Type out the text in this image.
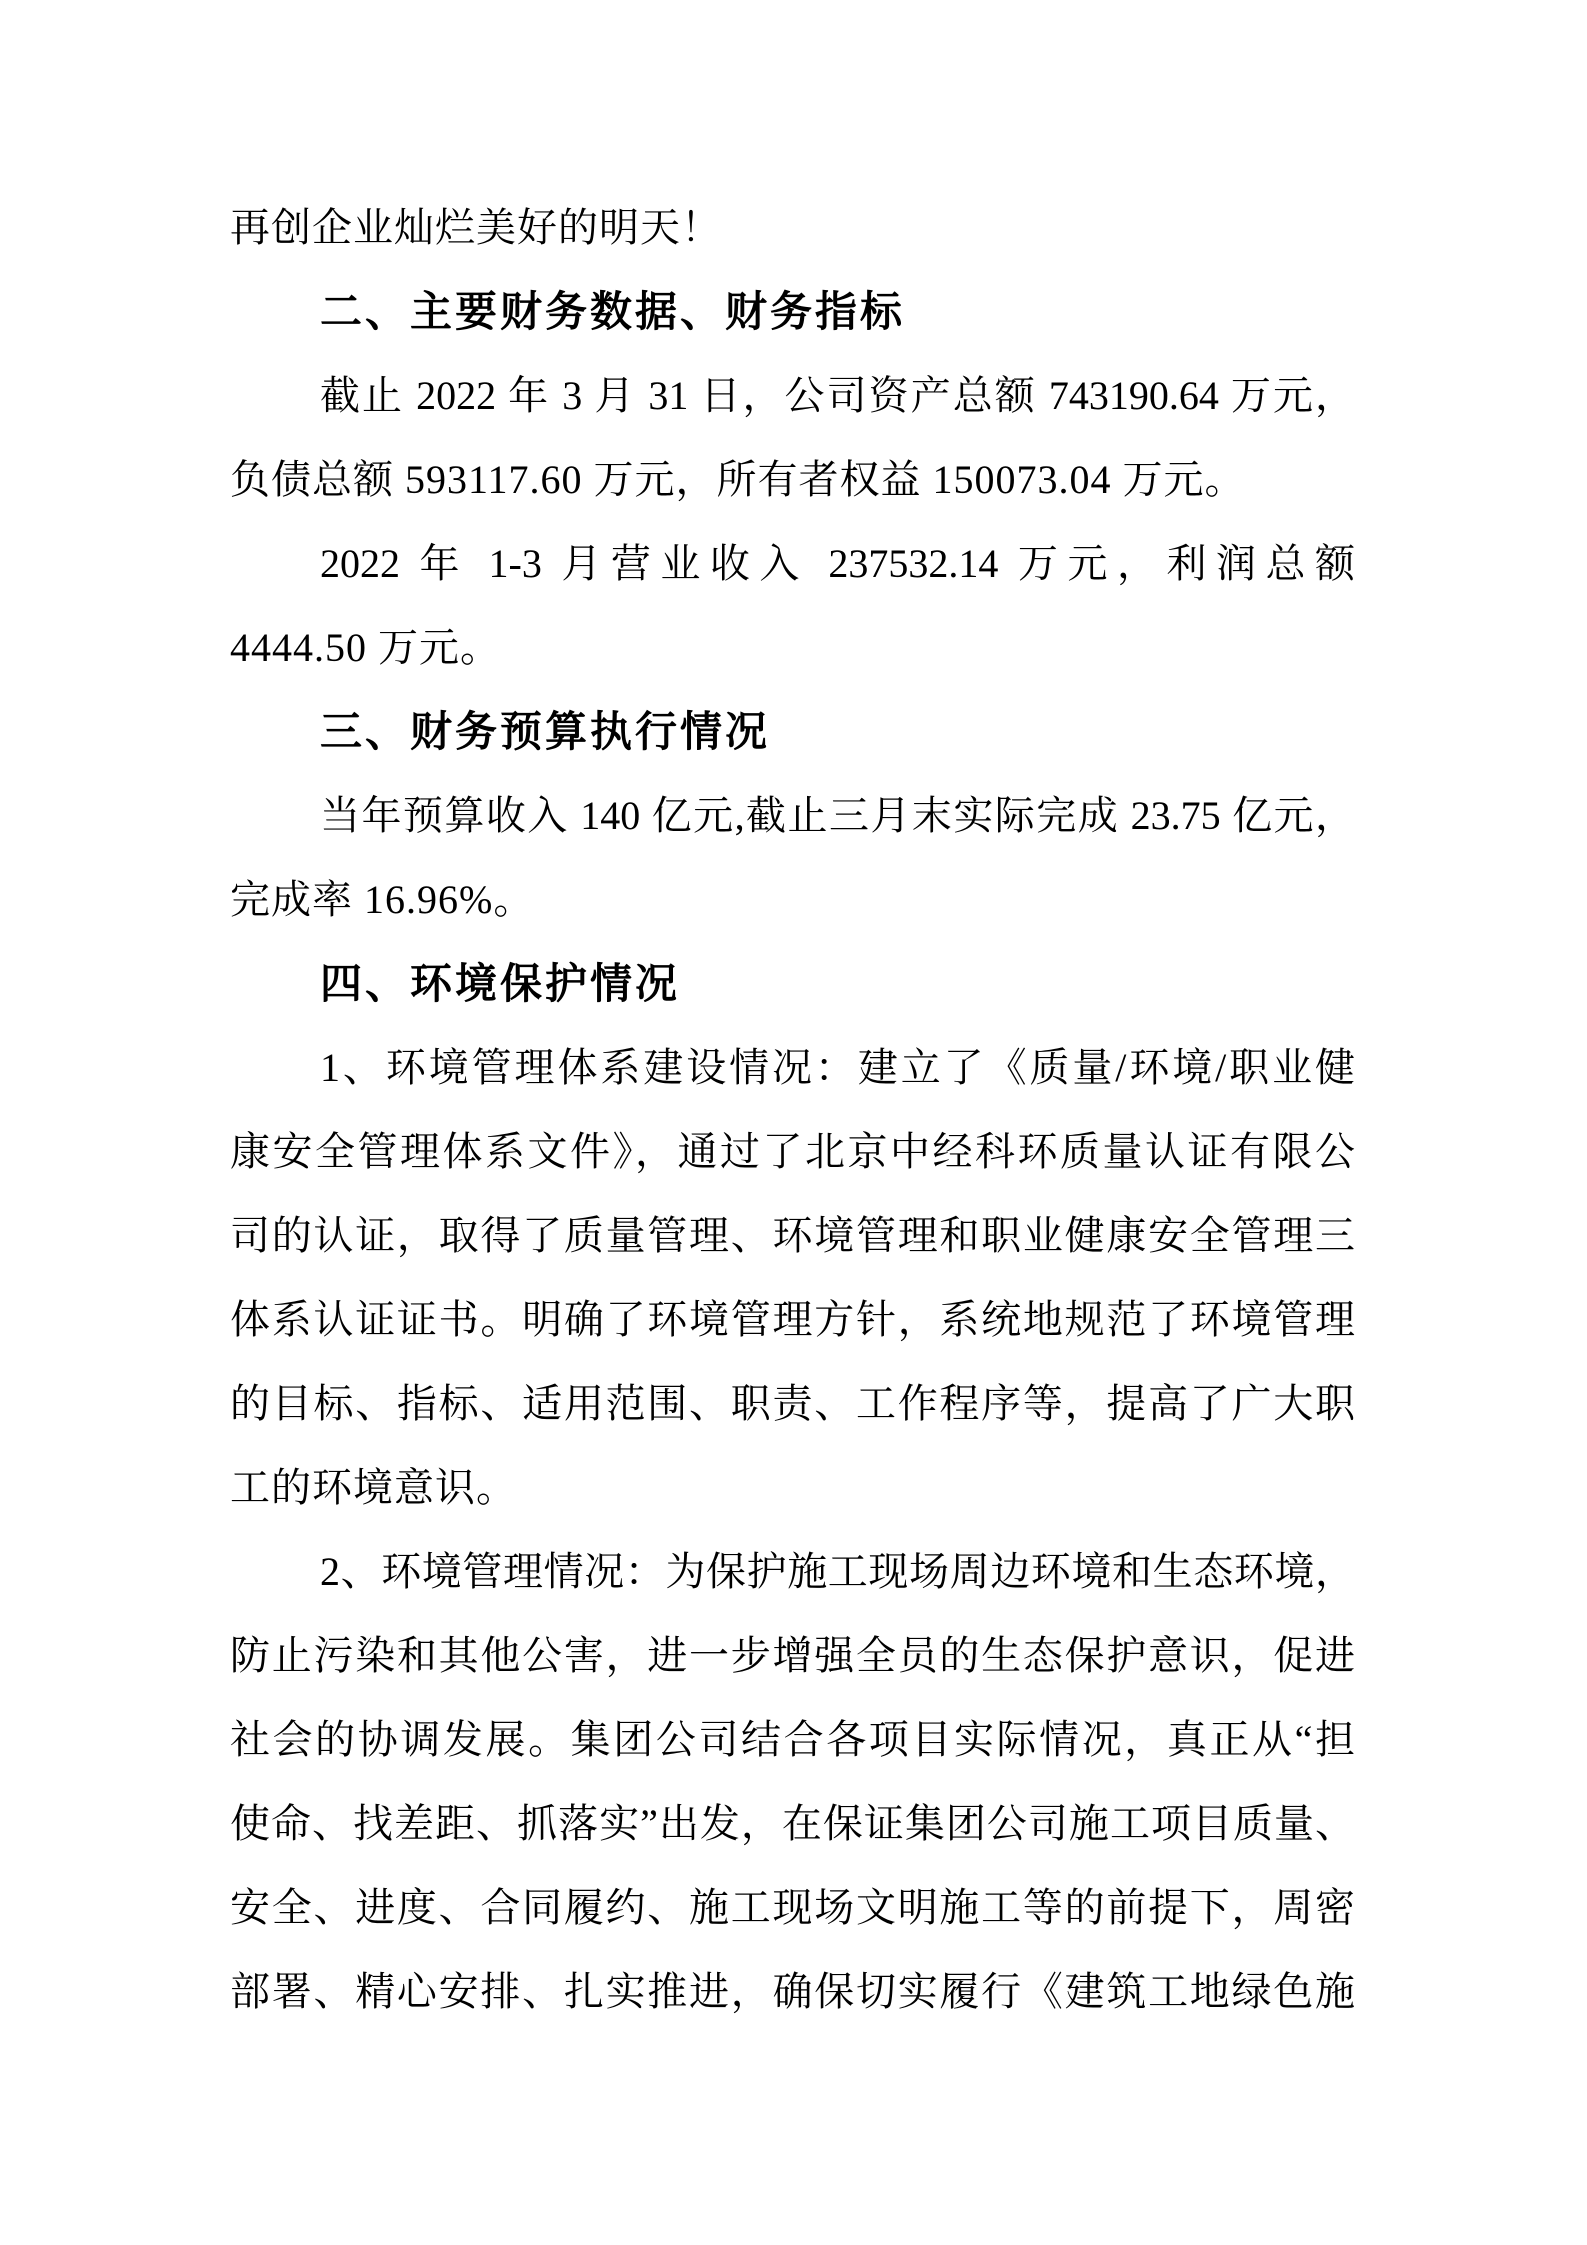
再创企业灿烂美好的明天！
二、主要财务数据、财务指标
截止 2022 年 3 月 31 日，公司资产总额 743190.64 万元，
负债总额 593117.60 万元，所有者权益 150073.04 万元。
2022 年 1-3 月营业收入 237532.14 万元，利润总额
4444.50 万元。
三、财务预算执行情况
当年预算收入 140 亿元,截止三月末实际完成 23.75 亿元，
完成率 16.96%。
四、环境保护情况
1、环境管理体系建设情况：建立了《质量/环境/职业健
康安全管理体系文件》，通过了北京中经科环质量认证有限公
司的认证，取得了质量管理、环境管理和职业健康安全管理三
体系认证证书。明确了环境管理方针，系统地规范了环境管理
的目标、指标、适用范围、职责、工作程序等，提高了广大职
工的环境意识。
2、环境管理情况：为保护施工现场周边环境和生态环境，
防止污染和其他公害，进一步增强全员的生态保护意识，促进
社会的协调发展。集团公司结合各项目实际情况，真正从“担
使命、找差距、抓落实”出发，在保证集团公司施工项目质量、
安全、进度、合同履约、施工现场文明施工等的前提下，周密
部署、精心安排、扎实推进，确保切实履行《建筑工地绿色施
